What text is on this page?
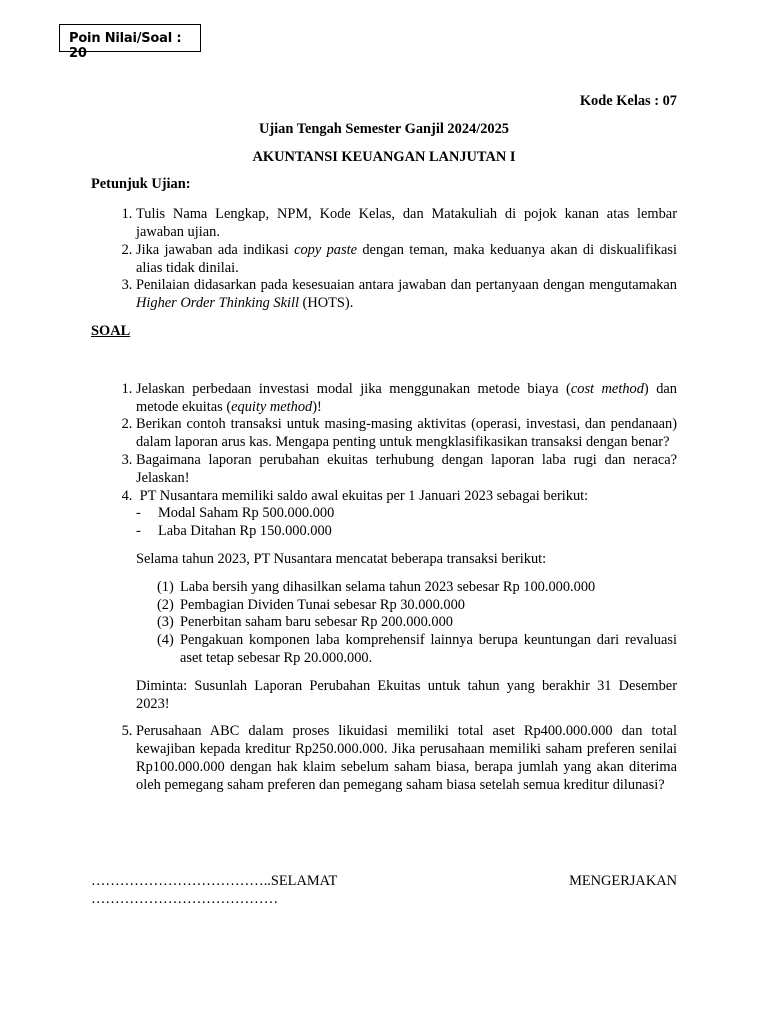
Poin Nilai/Soal : 20

Kode Kelas : 07

Ujian Tengah Semester Ganjil 2024/2025

AKUNTANSI KEUANGAN LANJUTAN I

Petunjuk Ujian:

1. Tulis Nama Lengkap, NPM, Kode Kelas, dan Matakuliah di pojok kanan atas lembar jawaban ujian.
2. Jika jawaban ada indikasi copy paste dengan teman, maka keduanya akan di diskualifikasi alias tidak dinilai.
3. Penilaian didasarkan pada kesesuaian antara jawaban dan pertanyaan dengan mengutamakan Higher Order Thinking Skill (HOTS).

SOAL

1. Jelaskan perbedaan investasi modal jika menggunakan metode biaya (cost method) dan metode ekuitas (equity method)!
2. Berikan contoh transaksi untuk masing-masing aktivitas (operasi, investasi, dan pendanaan) dalam laporan arus kas. Mengapa penting untuk mengklasifikasikan transaksi dengan benar?
3. Bagaimana laporan perubahan ekuitas terhubung dengan laporan laba rugi dan neraca? Jelaskan!
4. PT Nusantara memiliki saldo awal ekuitas per 1 Januari 2023 sebagai berikut:
- Modal Saham Rp 500.000.000
- Laba Ditahan Rp 150.000.000

Selama tahun 2023, PT Nusantara mencatat beberapa transaksi berikut:

(1) Laba bersih yang dihasilkan selama tahun 2023 sebesar Rp 100.000.000
(2) Pembagian Dividen Tunai sebesar Rp 30.000.000
(3) Penerbitan saham baru sebesar Rp 200.000.000
(4) Pengakuan komponen laba komprehensif lainnya berupa keuntungan dari revaluasi aset tetap sebesar Rp 20.000.000.

Diminta: Susunlah Laporan Perubahan Ekuitas untuk tahun yang berakhir 31 Desember 2023!

5. Perusahaan ABC dalam proses likuidasi memiliki total aset Rp400.000.000 dan total kewajiban kepada kreditur Rp250.000.000. Jika perusahaan memiliki saham preferen senilai Rp100.000.000 dengan hak klaim sebelum saham biasa, berapa jumlah yang akan diterima oleh pemegang saham preferen dan pemegang saham biasa setelah semua kreditur dilunasi?
………………………………..SELAMAT	MENGERJAKAN
…………………………………
